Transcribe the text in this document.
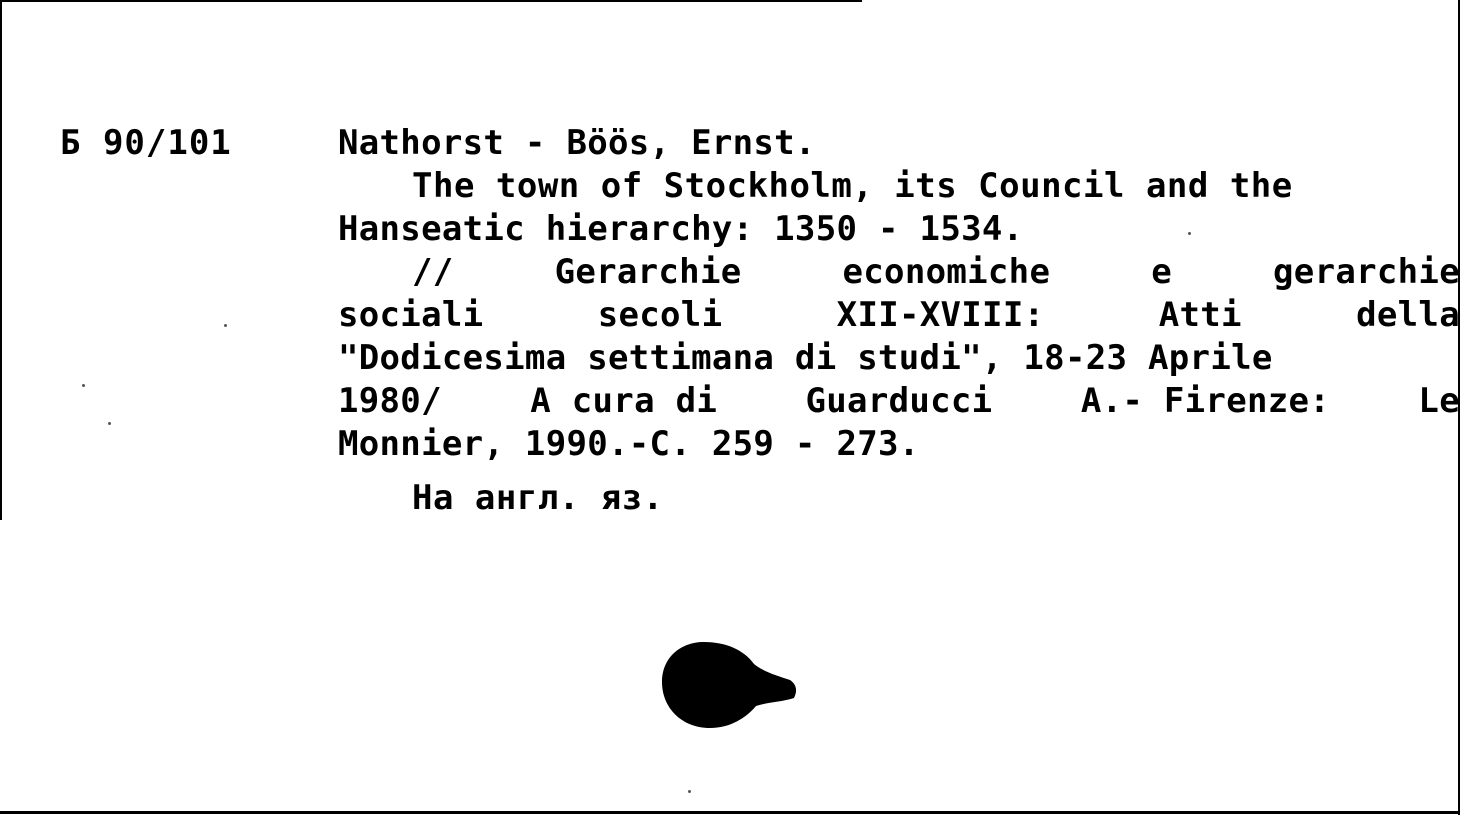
Б 90/101	Nathorst - Böös, Ernst.
The town of Stockholm, its Council and the
Hanseatic hierarchy: 1350 - 1534.
//	Gerarchie	economiche	e	gerarchie
sociali	secoli	XII-XVIII:	Atti	della
"Dodicesima settimana di studi", 18-23 Aprile
1980/	A cura di	Guarducci	A.- Firenze:	Le
Monnier, 1990.-C. 259 - 273.
На англ. яз.
